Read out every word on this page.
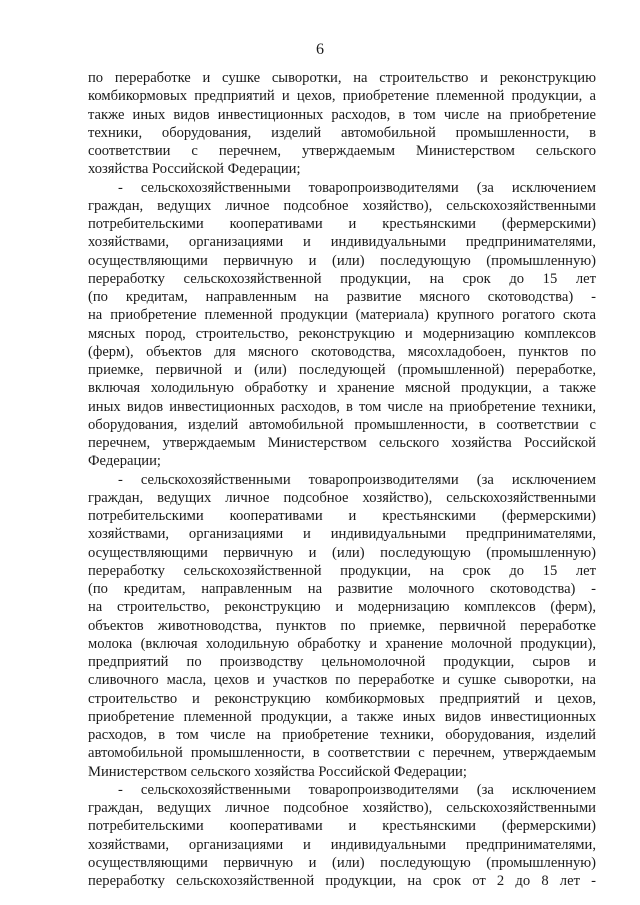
6
по переработке и сушке сыворотки, на строительство и реконструкцию
комбикормовых предприятий и цехов, приобретение племенной продукции, а
также иных видов инвестиционных расходов, в том числе на приобретение
техники, оборудования, изделий автомобильной промышленности, в
соответствии с перечнем, утверждаемым Министерством сельского
хозяйства Российской Федерации;
- сельскохозяйственными товаропроизводителями (за исключением
граждан, ведущих личное подсобное хозяйство), сельскохозяйственными
потребительскими кооперативами и крестьянскими (фермерскими)
хозяйствами, организациями и индивидуальными предпринимателями,
осуществляющими первичную и (или) последующую (промышленную)
переработку сельскохозяйственной продукции, на срок до 15 лет
(по кредитам, направленным на развитие мясного скотоводства) -
на приобретение племенной продукции (материала) крупного рогатого скота
мясных пород, строительство, реконструкцию и модернизацию комплексов
(ферм), объектов для мясного скотоводства, мясохладобоен, пунктов по
приемке, первичной и (или) последующей (промышленной) переработке,
включая холодильную обработку и хранение мясной продукции, а также
иных видов инвестиционных расходов, в том числе на приобретение техники,
оборудования, изделий автомобильной промышленности, в соответствии с
перечнем, утверждаемым Министерством сельского хозяйства Российской
Федерации;
- сельскохозяйственными товаропроизводителями (за исключением
граждан, ведущих личное подсобное хозяйство), сельскохозяйственными
потребительскими кооперативами и крестьянскими (фермерскими)
хозяйствами, организациями и индивидуальными предпринимателями,
осуществляющими первичную и (или) последующую (промышленную)
переработку сельскохозяйственной продукции, на срок до 15 лет
(по кредитам, направленным на развитие молочного скотоводства) -
на строительство, реконструкцию и модернизацию комплексов (ферм),
объектов животноводства, пунктов по приемке, первичной переработке
молока (включая холодильную обработку и хранение молочной продукции),
предприятий по производству цельномолочной продукции, сыров и
сливочного масла, цехов и участков по переработке и сушке сыворотки, на
строительство и реконструкцию комбикормовых предприятий и цехов,
приобретение племенной продукции, а также иных видов инвестиционных
расходов, в том числе на приобретение техники, оборудования, изделий
автомобильной промышленности, в соответствии с перечнем, утверждаемым
Министерством сельского хозяйства Российской Федерации;
- сельскохозяйственными товаропроизводителями (за исключением
граждан, ведущих личное подсобное хозяйство), сельскохозяйственными
потребительскими кооперативами и крестьянскими (фермерскими)
хозяйствами, организациями и индивидуальными предпринимателями,
осуществляющими первичную и (или) последующую (промышленную)
переработку сельскохозяйственной продукции, на срок от 2 до 8 лет -
